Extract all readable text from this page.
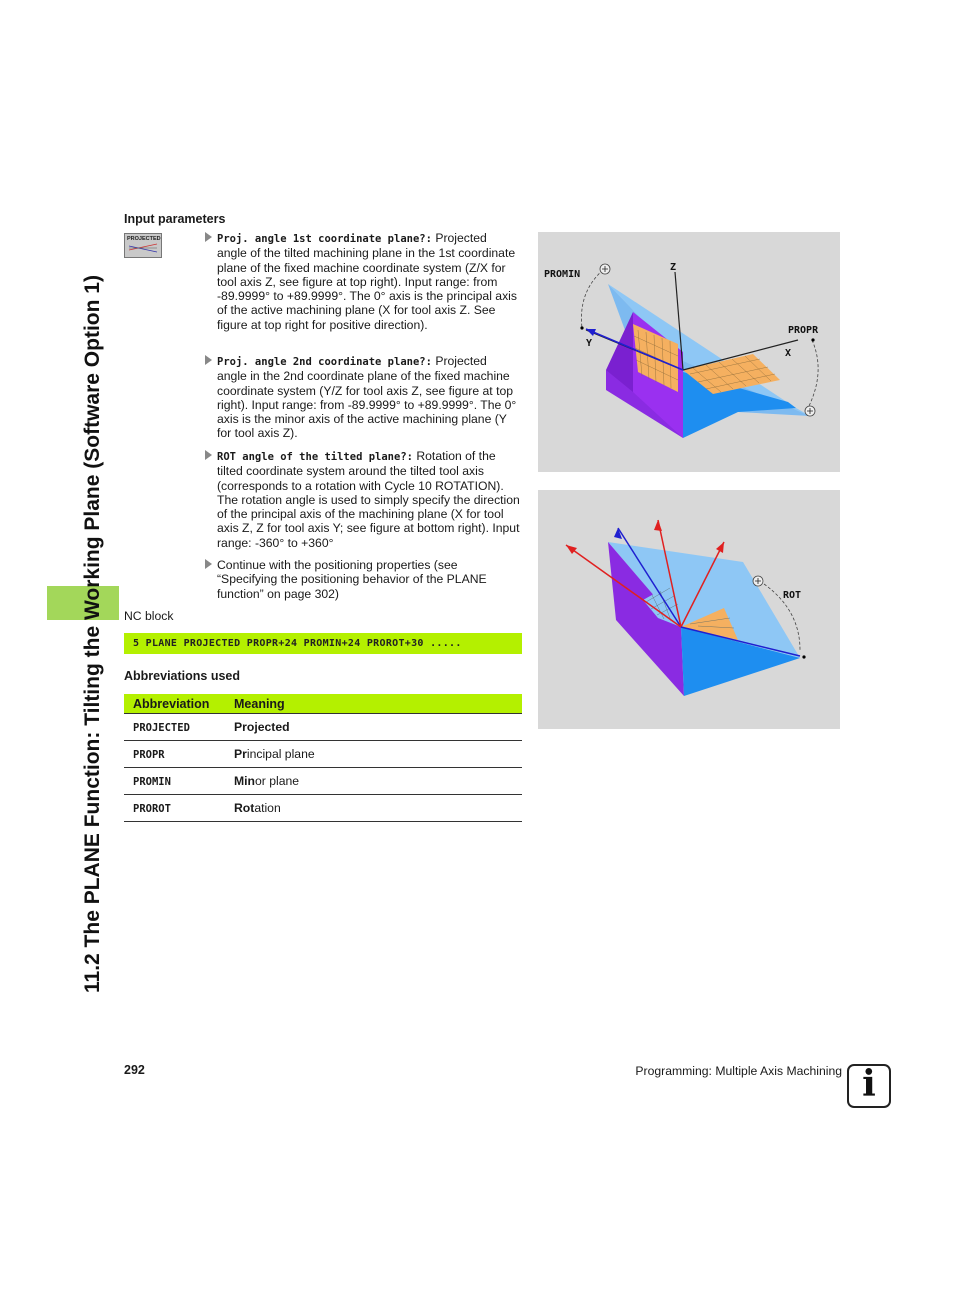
11.2 The PLANE Function: Tilting the Working Plane (Software Option 1)
Input parameters
PROJECTED	Proj. angle 1st coordinate plane?: Projected angle of the tilted machining plane in the 1st coordinate plane of the fixed machine coordinate system (Z/X for tool axis Z, see figure at top right). Input range: from -89.9999° to +89.9999°. The 0° axis is the principal axis of the active machining plane (X for tool axis Z. See figure at top right for positive direction).
Proj. angle 2nd coordinate plane?: Projected angle in the 2nd coordinate plane of the fixed machine coordinate system (Y/Z for tool axis Z, see figure at top right). Input range: from -89.9999° to +89.9999°. The 0° axis is the minor axis of the active machining plane (Y for tool axis Z).
ROT angle of the tilted plane?: Rotation of the tilted coordinate system around the tilted tool axis (corresponds to a rotation with Cycle 10 ROTATION). The rotation angle is used to simply specify the direction of the principal axis of the machining plane (X for tool axis Z, Z for tool axis Y; see figure at bottom right). Input range: -360° to +360°
Continue with the positioning properties (see “Specifying the positioning behavior of the PLANE function” on page 302)
NC block
5 PLANE PROJECTED PROPR+24 PROMIN+24 PROROT+30 .....
Abbreviations used
Abbreviation	Meaning
PROJECTED	Projected
PROPR	Principal plane
PROMIN	Minor plane
PROROT	Rotation
PROMIN
Z
PROPR
X
Y
ROT
292	Programming: Multiple Axis Machining i
